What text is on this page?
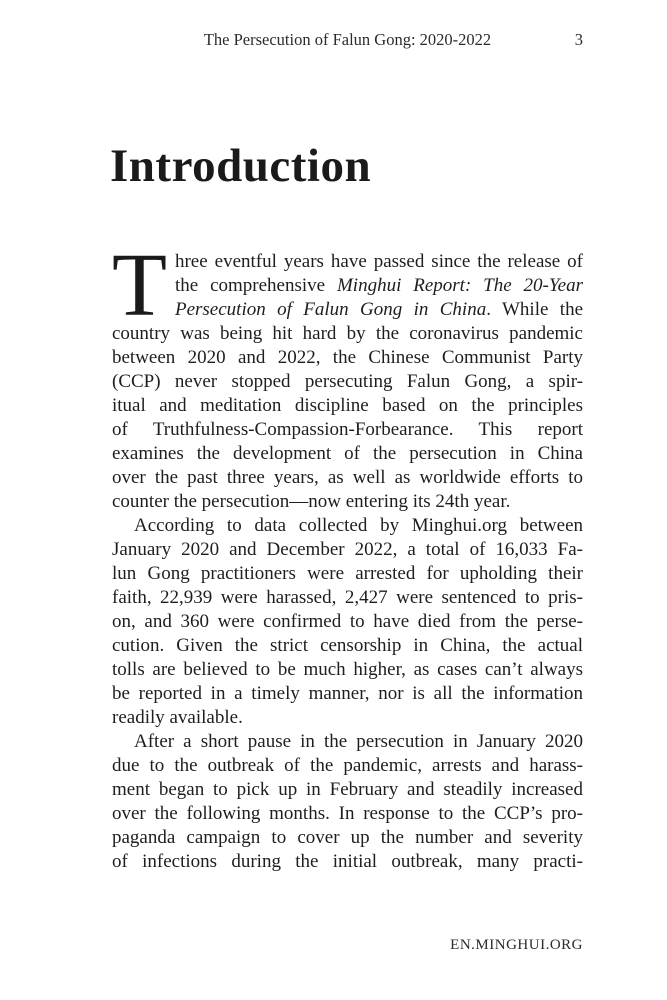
The Persecution of Falun Gong: 2020-2022	3
Introduction
T hree eventful years have passed since the release of
the comprehensive Minghui Report: The 20-Year
Persecution of Falun Gong in China. While the
country was being hit hard by the coronavirus pandemic
between 2020 and 2022, the Chinese Communist Party
(CCP) never stopped persecuting Falun Gong, a spir-
itual and meditation discipline based on the principles
of Truthfulness-Compassion-Forbearance. This report
examines the development of the persecution in China
over the past three years, as well as worldwide efforts to
counter the persecution—now entering its 24th year.
According to data collected by Minghui.org between
January 2020 and December 2022, a total of 16,033 Fa-
lun Gong practitioners were arrested for upholding their
faith, 22,939 were harassed, 2,427 were sentenced to pris-
on, and 360 were confirmed to have died from the perse-
cution. Given the strict censorship in China, the actual
tolls are believed to be much higher, as cases can’t always
be reported in a timely manner, nor is all the information
readily available.
After a short pause in the persecution in January 2020
due to the outbreak of the pandemic, arrests and harass-
ment began to pick up in February and steadily increased
over the following months. In response to the CCP’s pro-
paganda campaign to cover up the number and severity
of infections during the initial outbreak, many practi-
EN.MINGHUI.ORG
